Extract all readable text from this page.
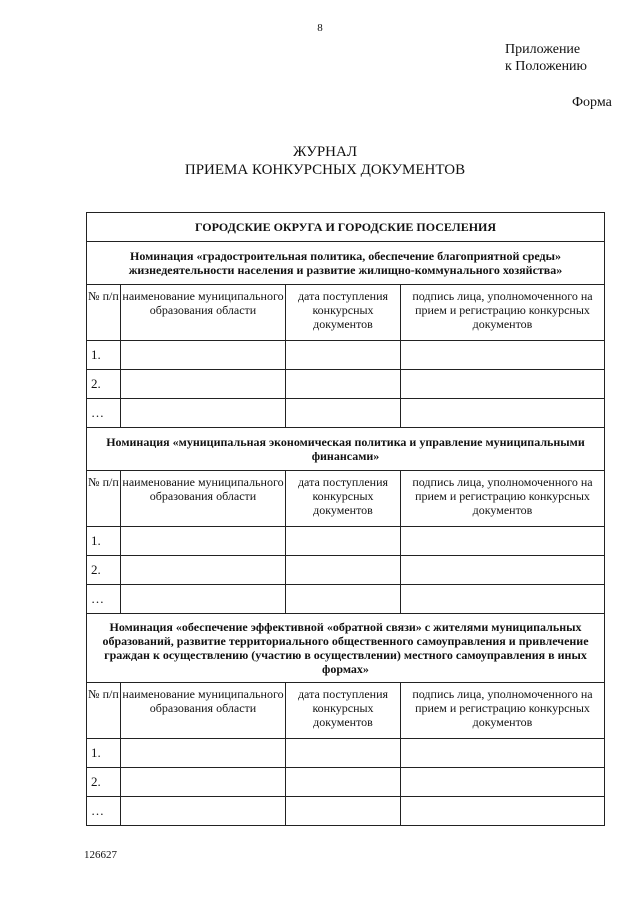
8
Приложение
к Положению
Форма
ЖУРНАЛ
ПРИЕМА КОНКУРСНЫХ ДОКУМЕНТОВ
ГОРОДСКИЕ ОКРУГА И ГОРОДСКИЕ ПОСЕЛЕНИЯ			
Номинация «градостроительная политика, обеспечение благоприятной среды» жизнедеятельности населения и развитие жилищно-коммунального хозяйства»			
№ п/п	наименование муниципального образования области	дата поступления конкурсных документов	подпись лица, уполномоченного на прием и регистрацию конкурсных документов
1.			
2.			
…			
Номинация «муниципальная экономическая политика и управление муниципальными финансами»			
№ п/п	наименование муниципального образования области	дата поступления конкурсных документов	подпись лица, уполномоченного на прием и регистрацию конкурсных документов
1.			
2.			
…			
Номинация «обеспечение эффективной «обратной связи» с жителями муниципальных образований, развитие территориального общественного самоуправления и привлечение граждан к осуществлению (участию в осуществлении) местного самоуправления в иных формах»			
№ п/п	наименование муниципального образования области	дата поступления конкурсных документов	подпись лица, уполномоченного на прием и регистрацию конкурсных документов
1.			
2.			
…			
126627
